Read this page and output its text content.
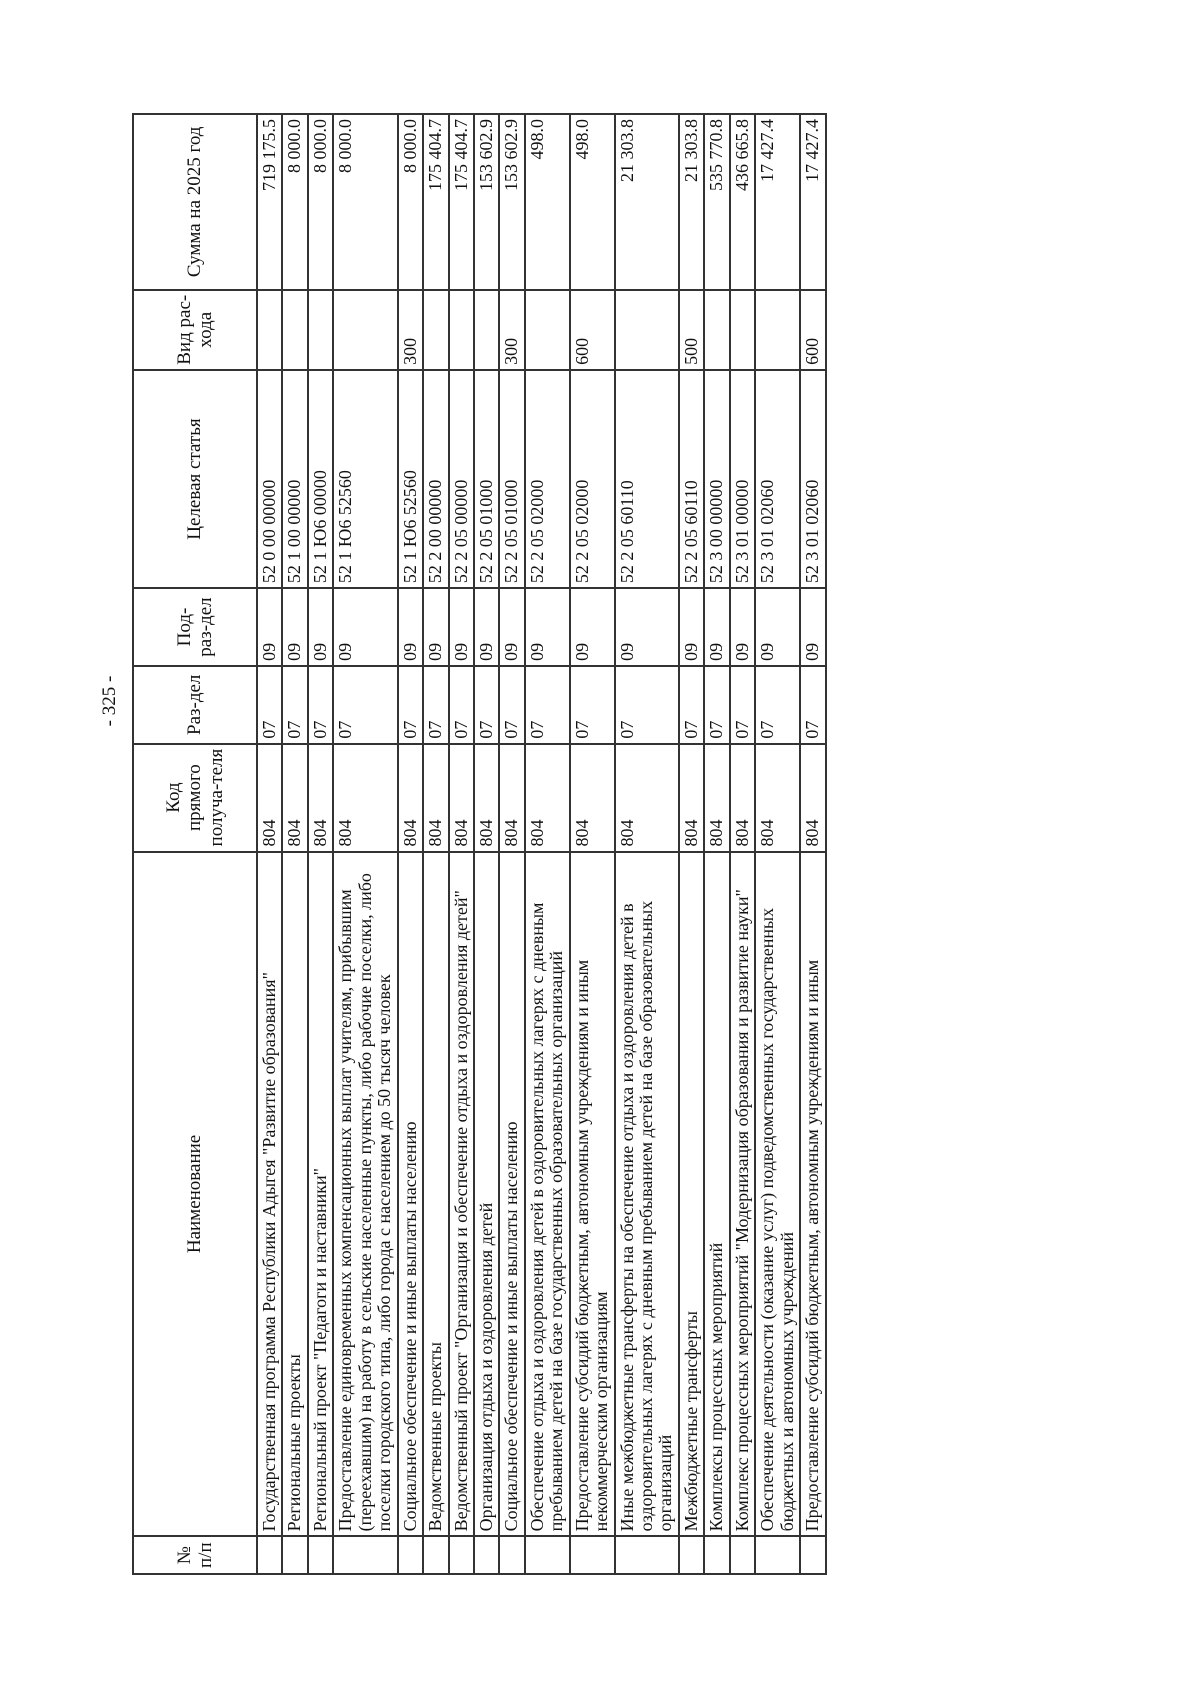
- 325 -
№ п/п	Наименование	Код прямого получа-теля	Раз-дел	Под-раз-дел	Целевая статья	Вид рас-хода	Сумма на 2025 год
	Государственная программа Республики Адыгея "Развитие образования"	804	07	09	52 0 00 00000		719 175.5
	Региональные проекты	804	07	09	52 1 00 00000		8 000.0
	Региональный проект "Педагоги и наставники"	804	07	09	52 1 Ю6 00000		8 000.0
	Предоставление единовременных компенсационных выплат учителям, прибывшим (переехавшим) на работу в сельские населенные пункты, либо рабочие поселки, либо поселки городского типа, либо города с населением до 50 тысяч человек	804	07	09	52 1 Ю6 52560		8 000.0
	Социальное обеспечение и иные выплаты населению	804	07	09	52 1 Ю6 52560	300	8 000.0
	Ведомственные проекты	804	07	09	52 2 00 00000		175 404.7
	Ведомственный проект "Организация и обеспечение отдыха и оздоровления детей"	804	07	09	52 2 05 00000		175 404.7
	Организация отдыха и оздоровления детей	804	07	09	52 2 05 01000		153 602.9
	Социальное обеспечение и иные выплаты населению	804	07	09	52 2 05 01000	300	153 602.9
	Обеспечение отдыха и оздоровления детей в оздоровительных лагерях с дневным пребыванием детей на базе государственных образовательных организаций	804	07	09	52 2 05 02000		498.0
	Предоставление субсидий бюджетным, автономным учреждениям и иным некоммерческим организациям	804	07	09	52 2 05 02000	600	498.0
	Иные межбюджетные трансферты на обеспечение отдыха и оздоровления детей в оздоровительных лагерях с дневным пребыванием детей на базе образовательных организаций	804	07	09	52 2 05 60110		21 303.8
	Межбюджетные трансферты	804	07	09	52 2 05 60110	500	21 303.8
	Комплексы процессных мероприятий	804	07	09	52 3 00 00000		535 770.8
	Комплекс процессных мероприятий "Модернизация образования и развитие науки"	804	07	09	52 3 01 00000		436 665.8
	Обеспечение деятельности (оказание услуг) подведомственных государственных бюджетных и автономных учреждений	804	07	09	52 3 01 02060		17 427.4
	Предоставление субсидий бюджетным, автономным учреждениям и иным	804	07	09	52 3 01 02060	600	17 427.4
